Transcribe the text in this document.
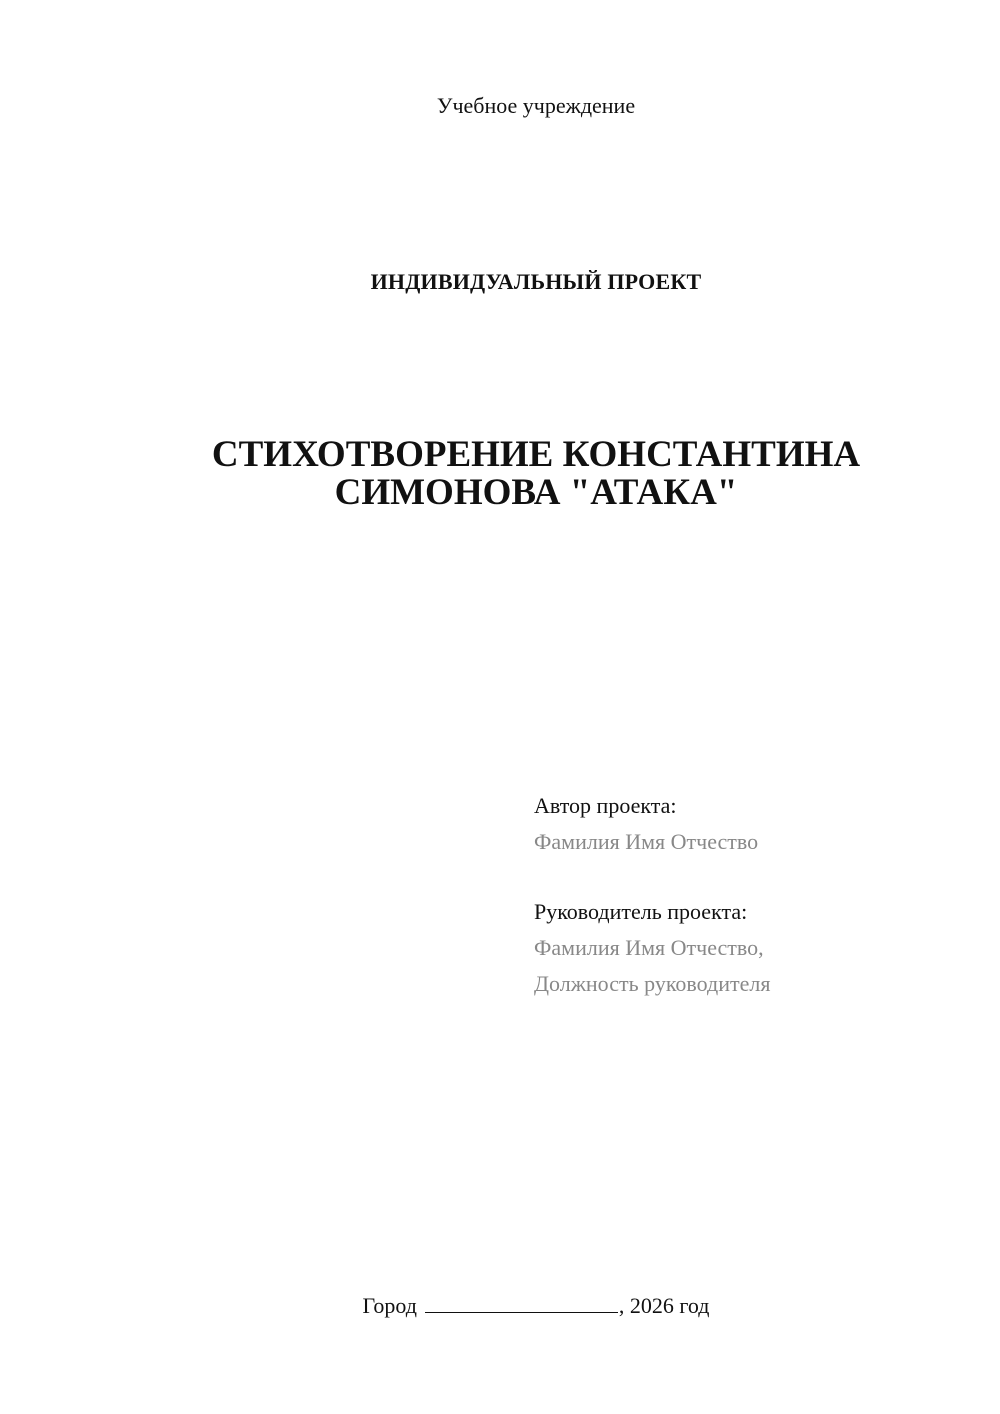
Учебное учреждение
ИНДИВИДУАЛЬНЫЙ ПРОЕКТ
СТИХОТВОРЕНИЕ КОНСТАНТИНА
СИМОНОВА "АТАКА"
Автор проекта:
Фамилия Имя Отчество
Руководитель проекта:
Фамилия Имя Отчество,
Должность руководителя
Город	, 2026 год
